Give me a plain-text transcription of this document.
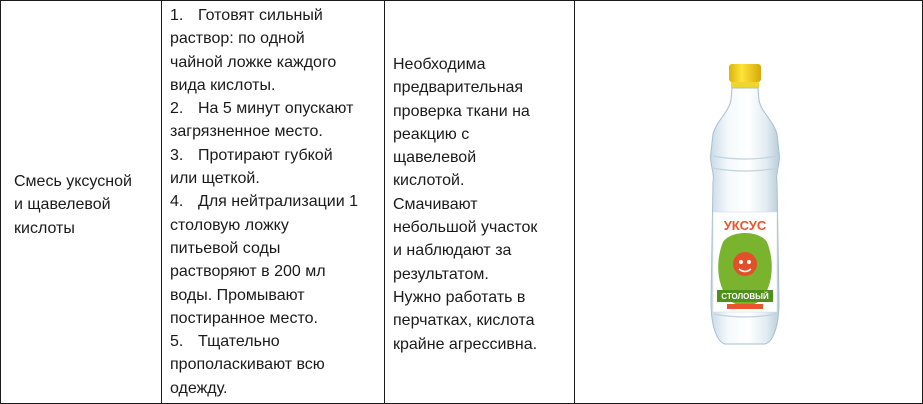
Смесь уксусной
и щавелевой
кислоты
1. Готовят сильный
раствор: по одной
чайной ложке каждого
вида кислоты.
2. На 5 минут опускают
загрязненное место.
3. Протирают губкой
или щеткой.
4. Для нейтрализации 1
столовую ложку
питьевой соды
растворяют в 200 мл
воды. Промывают
постиранное место.
5. Тщательно
прополаскивают всю
одежду.
Необходима
предварительная
проверка ткани на
реакцию с
щавелевой
кислотой.
Смачивают
небольшой участок
и наблюдают за
результатом.
Нужно работать в
перчатках, кислота
крайне агрессивна.
УКСУС
СТОЛОВЫЙ
